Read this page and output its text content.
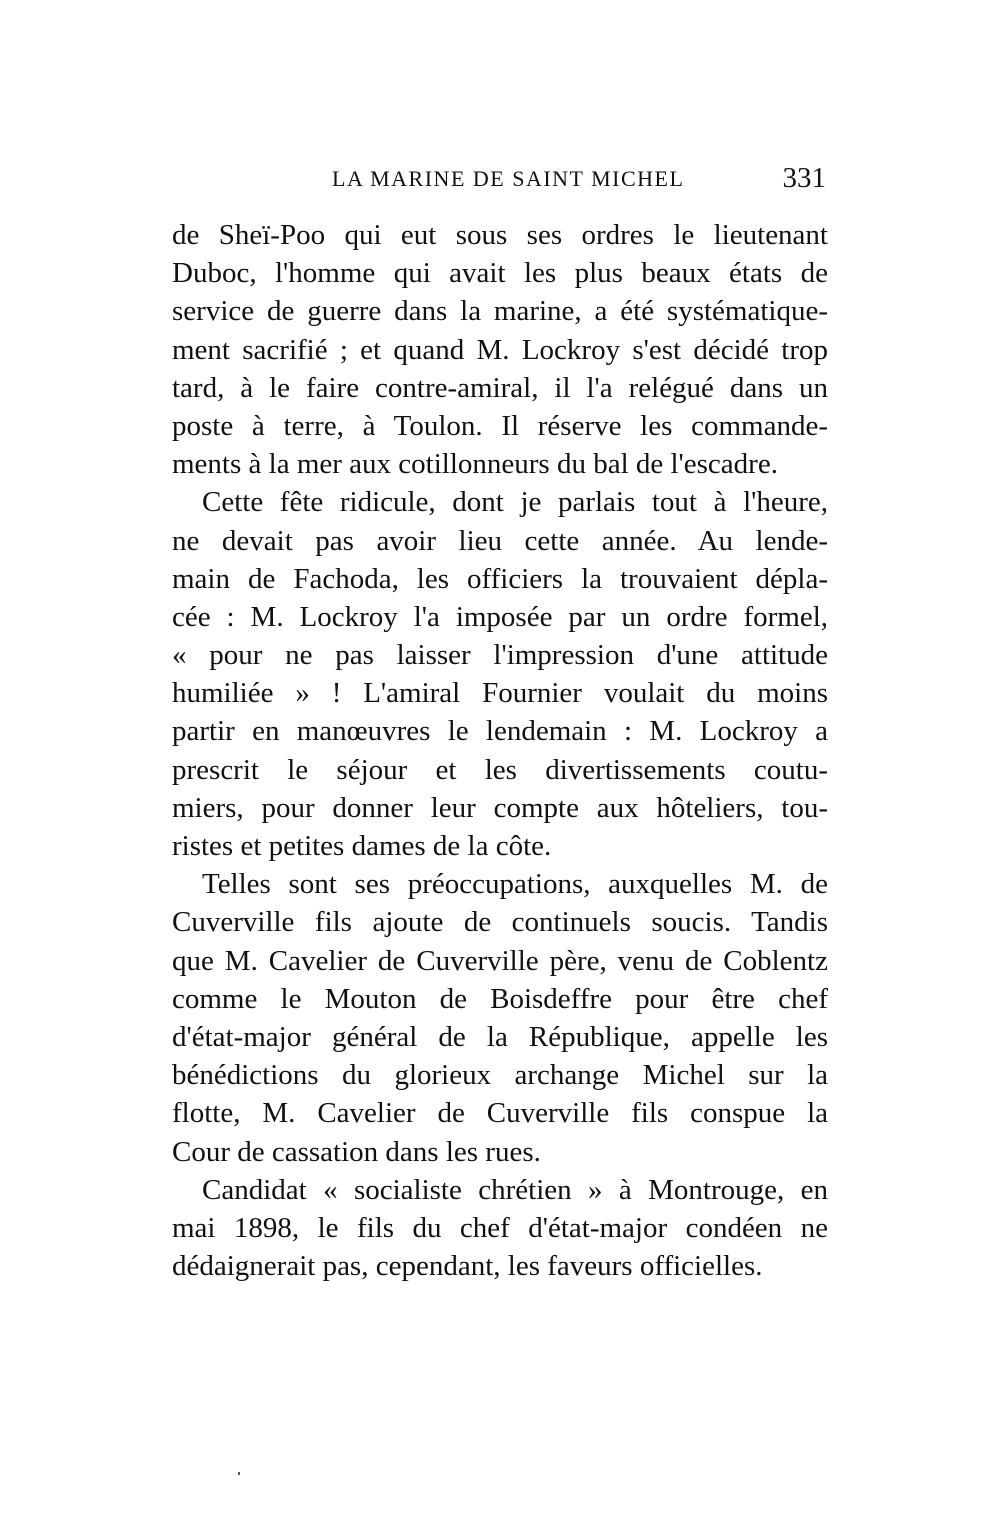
LA MARINE DE SAINT MICHEL	331
de Sheï-Poo qui eut sous ses ordres le lieutenant
Duboc, l'homme qui avait les plus beaux états de
service de guerre dans la marine, a été systématique-
ment sacrifié ; et quand M. Lockroy s'est décidé trop
tard, à le faire contre-amiral, il l'a relégué dans un
poste à terre, à Toulon. Il réserve les commande-
ments à la mer aux cotillonneurs du bal de l'escadre.
Cette fête ridicule, dont je parlais tout à l'heure,
ne devait pas avoir lieu cette année. Au lende-
main de Fachoda, les officiers la trouvaient dépla-
cée : M. Lockroy l'a imposée par un ordre formel,
« pour ne pas laisser l'impression d'une attitude
humiliée » ! L'amiral Fournier voulait du moins
partir en manœuvres le lendemain : M. Lockroy a
prescrit le séjour et les divertissements coutu-
miers, pour donner leur compte aux hôteliers, tou-
ristes et petites dames de la côte.
Telles sont ses préoccupations, auxquelles M. de
Cuverville fils ajoute de continuels soucis. Tandis
que M. Cavelier de Cuverville père, venu de Coblentz
comme le Mouton de Boisdeffre pour être chef
d'état-major général de la République, appelle les
bénédictions du glorieux archange Michel sur la
flotte, M. Cavelier de Cuverville fils conspue la
Cour de cassation dans les rues.
Candidat « socialiste chrétien » à Montrouge, en
mai 1898, le fils du chef d'état-major condéen ne
dédaignerait pas, cependant, les faveurs officielles.
